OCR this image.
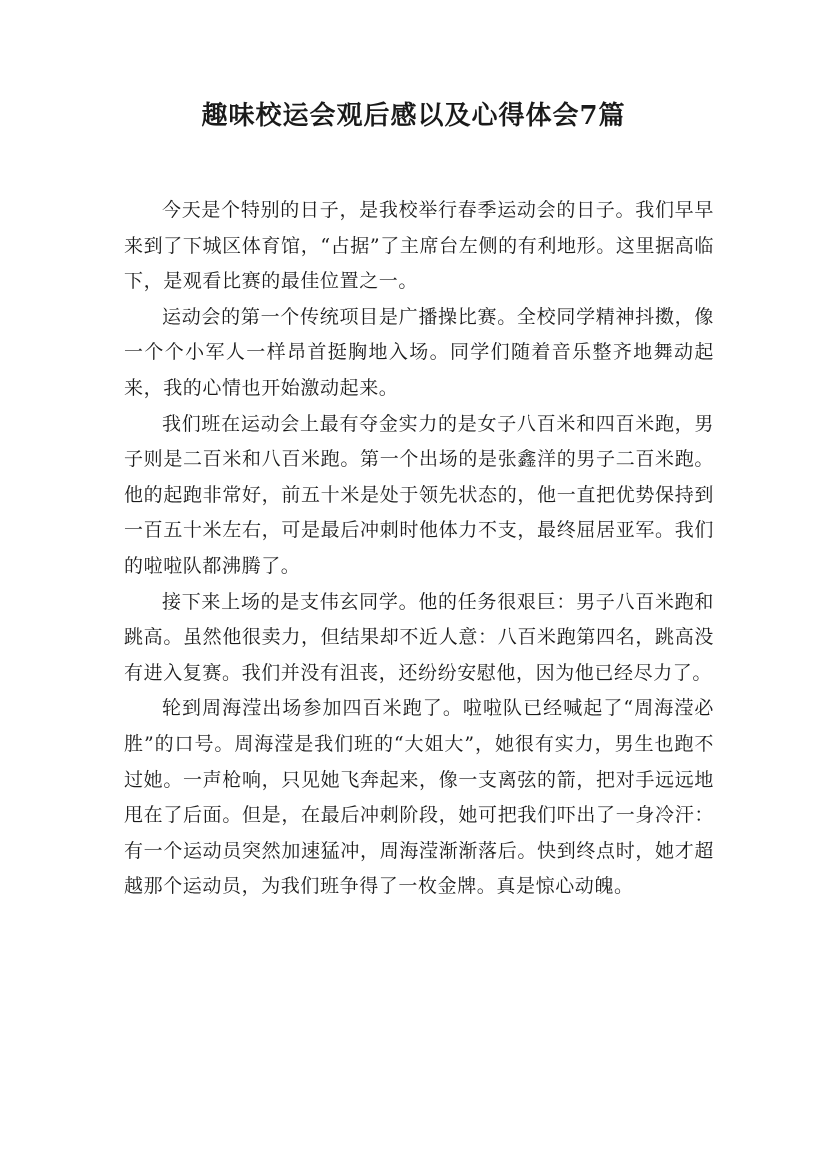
趣味校运会观后感以及心得体会7篇

今天是个特别的日子，是我校举行春季运动会的日子。我们早早来到了下城区体育馆，“占据”了主席台左侧的有利地形。这里据高临下，是观看比赛的最佳位置之一。

运动会的第一个传统项目是广播操比赛。全校同学精神抖擞，像一个个小军人一样昂首挺胸地入场。同学们随着音乐整齐地舞动起来，我的心情也开始激动起来。

我们班在运动会上最有夺金实力的是女子八百米和四百米跑，男子则是二百米和八百米跑。第一个出场的是张鑫洋的男子二百米跑。他的起跑非常好，前五十米是处于领先状态的，他一直把优势保持到一百五十米左右，可是最后冲刺时他体力不支，最终屈居亚军。我们的啦啦队都沸腾了。

接下来上场的是支伟玄同学。他的任务很艰巨：男子八百米跑和跳高。虽然他很卖力，但结果却不近人意：八百米跑第四名，跳高没有进入复赛。我们并没有沮丧，还纷纷安慰他，因为他已经尽力了。

轮到周海滢出场参加四百米跑了。啦啦队已经喊起了“周海滢必胜”的口号。周海滢是我们班的“大姐大”，她很有实力，男生也跑不过她。一声枪响，只见她飞奔起来，像一支离弦的箭，把对手远远地甩在了后面。但是，在最后冲刺阶段，她可把我们吓出了一身冷汗：有一个运动员突然加速猛冲，周海滢渐渐落后。快到终点时，她才超越那个运动员，为我们班争得了一枚金牌。真是惊心动魄。
